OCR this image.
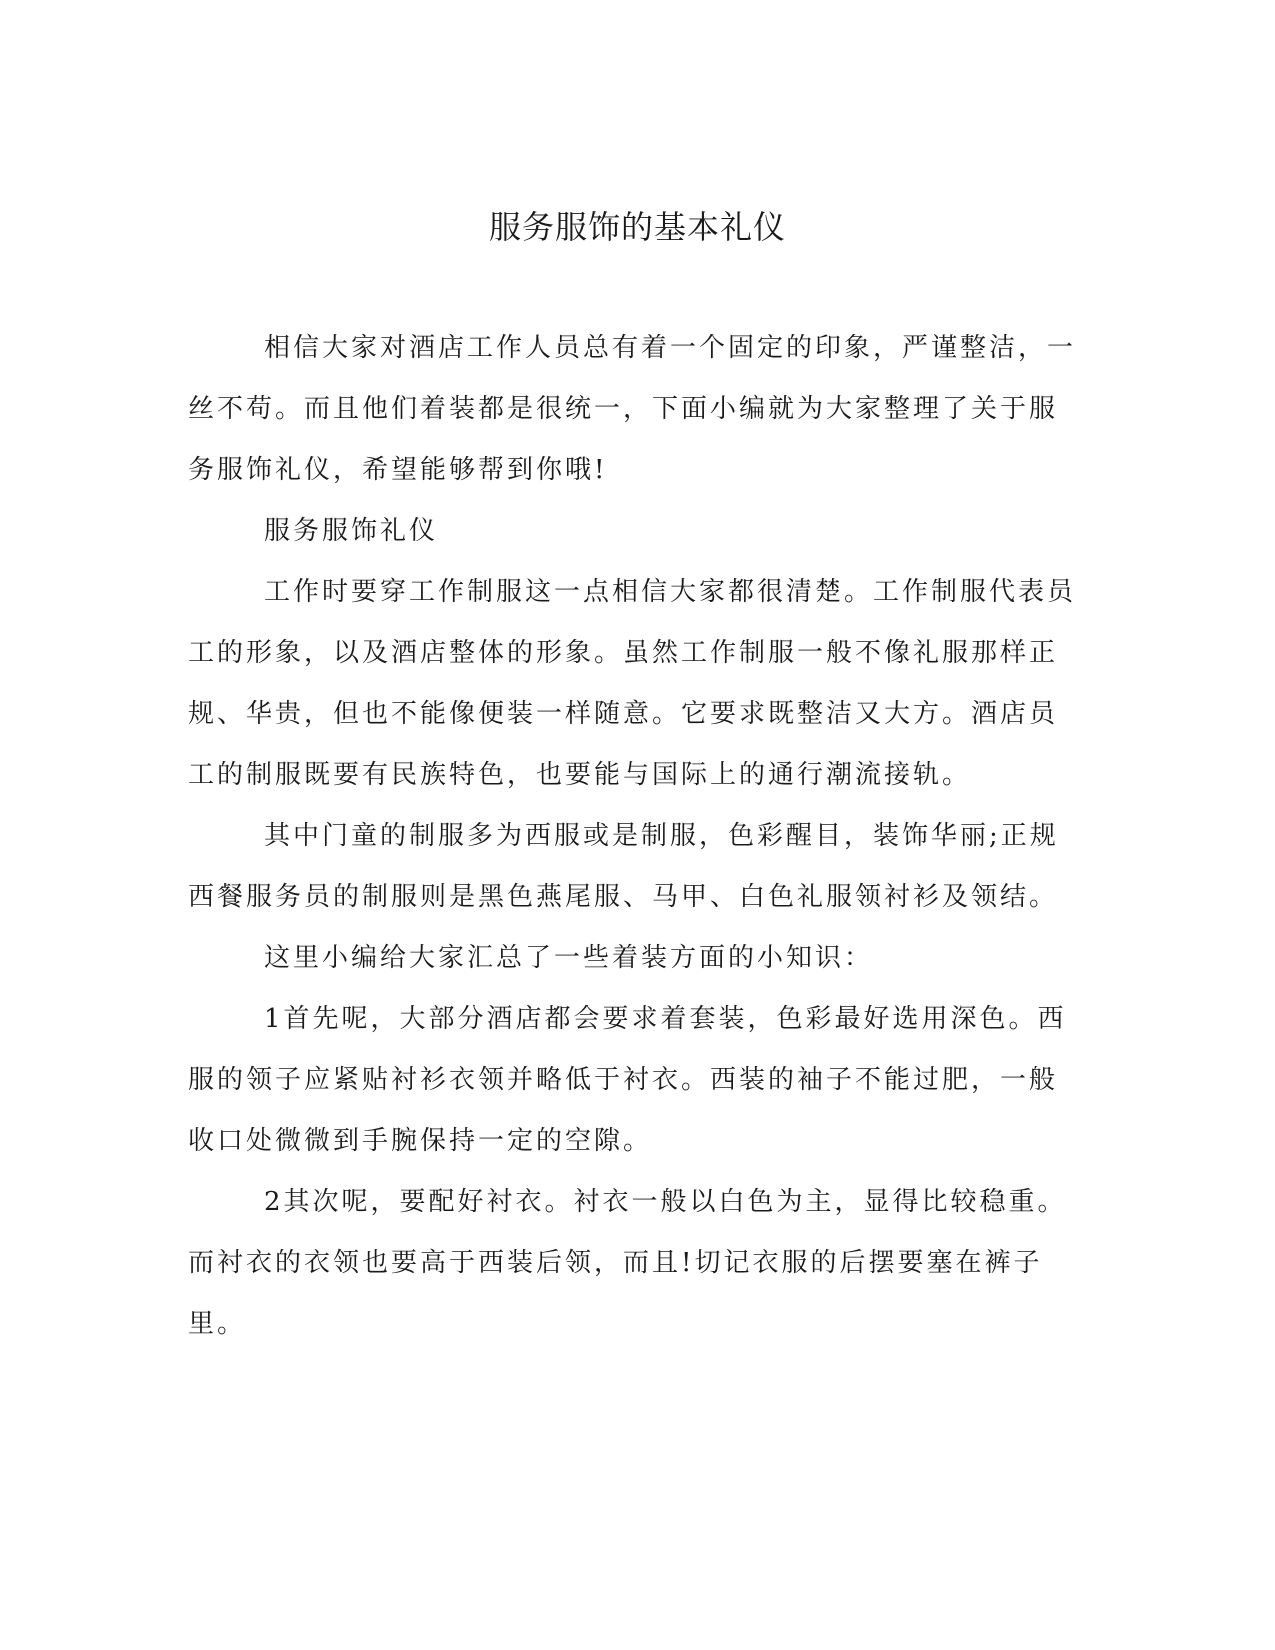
服务服饰的基本礼仪

相信大家对酒店工作人员总有着一个固定的印象，严谨整洁，一丝不苟。而且他们着装都是很统一，下面小编就为大家整理了关于服务服饰礼仪，希望能够帮到你哦!

服务服饰礼仪

工作时要穿工作制服这一点相信大家都很清楚。工作制服代表员工的形象，以及酒店整体的形象。虽然工作制服一般不像礼服那样正规、华贵，但也不能像便装一样随意。它要求既整洁又大方。酒店员工的制服既要有民族特色，也要能与国际上的通行潮流接轨。

其中门童的制服多为西服或是制服，色彩醒目，装饰华丽;正规西餐服务员的制服则是黑色燕尾服、马甲、白色礼服领衬衫及领结。

这里小编给大家汇总了一些着装方面的小知识：

1首先呢，大部分酒店都会要求着套装，色彩最好选用深色。西服的领子应紧贴衬衫衣领并略低于衬衣。西装的袖子不能过肥，一般收口处微微到手腕保持一定的空隙。

2其次呢，要配好衬衣。衬衣一般以白色为主，显得比较稳重。而衬衣的衣领也要高于西装后领，而且!切记衣服的后摆要塞在裤子里。
